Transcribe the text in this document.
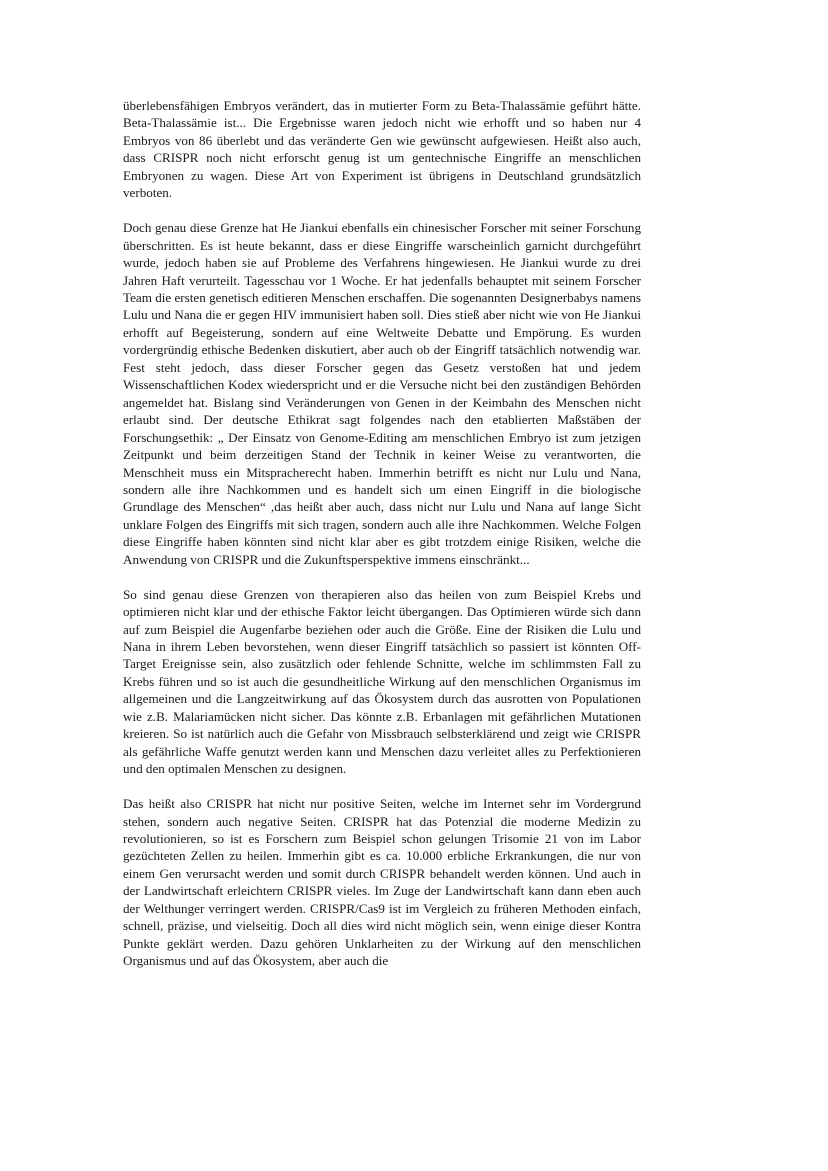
überlebensfähigen Embryos verändert, das in mutierter Form zu Beta-Thalassämie geführt hätte. Beta-Thalassämie ist... Die Ergebnisse waren jedoch nicht wie erhofft und so haben nur 4 Embryos von 86 überlebt und das veränderte Gen wie gewünscht aufgewiesen. Heißt also auch, dass CRISPR noch nicht erforscht genug ist um gentechnische Eingriffe an menschlichen Embryonen zu wagen. Diese Art von Experiment ist übrigens in Deutschland grundsätzlich verboten.

Doch genau diese Grenze hat He Jiankui ebenfalls ein chinesischer Forscher mit seiner Forschung überschritten. Es ist heute bekannt, dass er diese Eingriffe warscheinlich garnicht durchgeführt wurde, jedoch haben sie auf Probleme des Verfahrens hingewiesen. He Jiankui wurde zu drei Jahren Haft verurteilt. Tagesschau vor 1 Woche. Er hat jedenfalls behauptet mit seinem Forscher Team die ersten genetisch editieren Menschen erschaffen. Die sogenannten Designerbabys namens Lulu und Nana die er gegen HIV immunisiert haben soll. Dies stieß aber nicht wie von He Jiankui erhofft auf Begeisterung, sondern auf eine Weltweite Debatte und Empörung. Es wurden vordergründig ethische Bedenken diskutiert, aber auch ob der Eingriff tatsächlich notwendig war. Fest steht jedoch, dass dieser Forscher gegen das Gesetz verstoßen hat und jedem Wissenschaftlichen Kodex wiederspricht und er die Versuche nicht bei den zuständigen Behörden angemeldet hat. Bislang sind Veränderungen von Genen in der Keimbahn des Menschen nicht erlaubt sind. Der deutsche Ethikrat sagt folgendes nach den etablierten Maßstäben der Forschungsethik: „ Der Einsatz von Genome-Editing am menschlichen Embryo ist zum jetzigen Zeitpunkt und beim derzeitigen Stand der Technik in keiner Weise zu verantworten, die Menschheit muss ein Mitspracherecht haben. Immerhin betrifft es nicht nur Lulu und Nana, sondern alle ihre Nachkommen und es handelt sich um einen Eingriff in die biologische Grundlage des Menschen“ ,das heißt aber auch, dass nicht nur Lulu und Nana auf lange Sicht unklare Folgen des Eingriffs mit sich tragen, sondern auch alle ihre Nachkommen. Welche Folgen diese Eingriffe haben könnten sind nicht klar aber es gibt trotzdem einige Risiken, welche die Anwendung von CRISPR und die Zukunftsperspektive immens einschränkt...

So sind genau diese Grenzen von therapieren also das heilen von zum Beispiel Krebs und optimieren nicht klar und der ethische Faktor leicht übergangen. Das Optimieren würde sich dann auf zum Beispiel die Augenfarbe beziehen oder auch die Größe. Eine der Risiken die Lulu und Nana in ihrem Leben bevorstehen, wenn dieser Eingriff tatsächlich so passiert ist könnten Off-Target Ereignisse sein, also zusätzlich oder fehlende Schnitte, welche im schlimmsten Fall zu Krebs führen und so ist auch die gesundheitliche Wirkung auf den menschlichen Organismus im allgemeinen und die Langzeitwirkung auf das Ökosystem durch das ausrotten von Populationen wie z.B. Malariamücken nicht sicher. Das könnte z.B. Erbanlagen mit gefährlichen Mutationen kreieren. So ist natürlich auch die Gefahr von Missbrauch selbsterklärend und zeigt wie CRISPR als gefährliche Waffe genutzt werden kann und Menschen dazu verleitet alles zu Perfektionieren und den optimalen Menschen zu designen.

Das heißt also CRISPR hat nicht nur positive Seiten, welche im Internet sehr im Vordergrund stehen, sondern auch negative Seiten. CRISPR hat das Potenzial die moderne Medizin zu revolutionieren, so ist es Forschern zum Beispiel schon gelungen Trisomie 21 von im Labor gezüchteten Zellen zu heilen. Immerhin gibt es ca. 10.000 erbliche Erkrankungen, die nur von einem Gen verursacht werden und somit durch CRISPR behandelt werden können. Und auch in der Landwirtschaft erleichtern CRISPR vieles. Im Zuge der Landwirtschaft kann dann eben auch der Welthunger verringert werden. CRISPR/Cas9 ist im Vergleich zu früheren Methoden einfach, schnell, präzise, und vielseitig. Doch all dies wird nicht möglich sein, wenn einige dieser Kontra Punkte geklärt werden. Dazu gehören Unklarheiten zu der Wirkung auf den menschlichen Organismus und auf das Ökosystem, aber auch die
